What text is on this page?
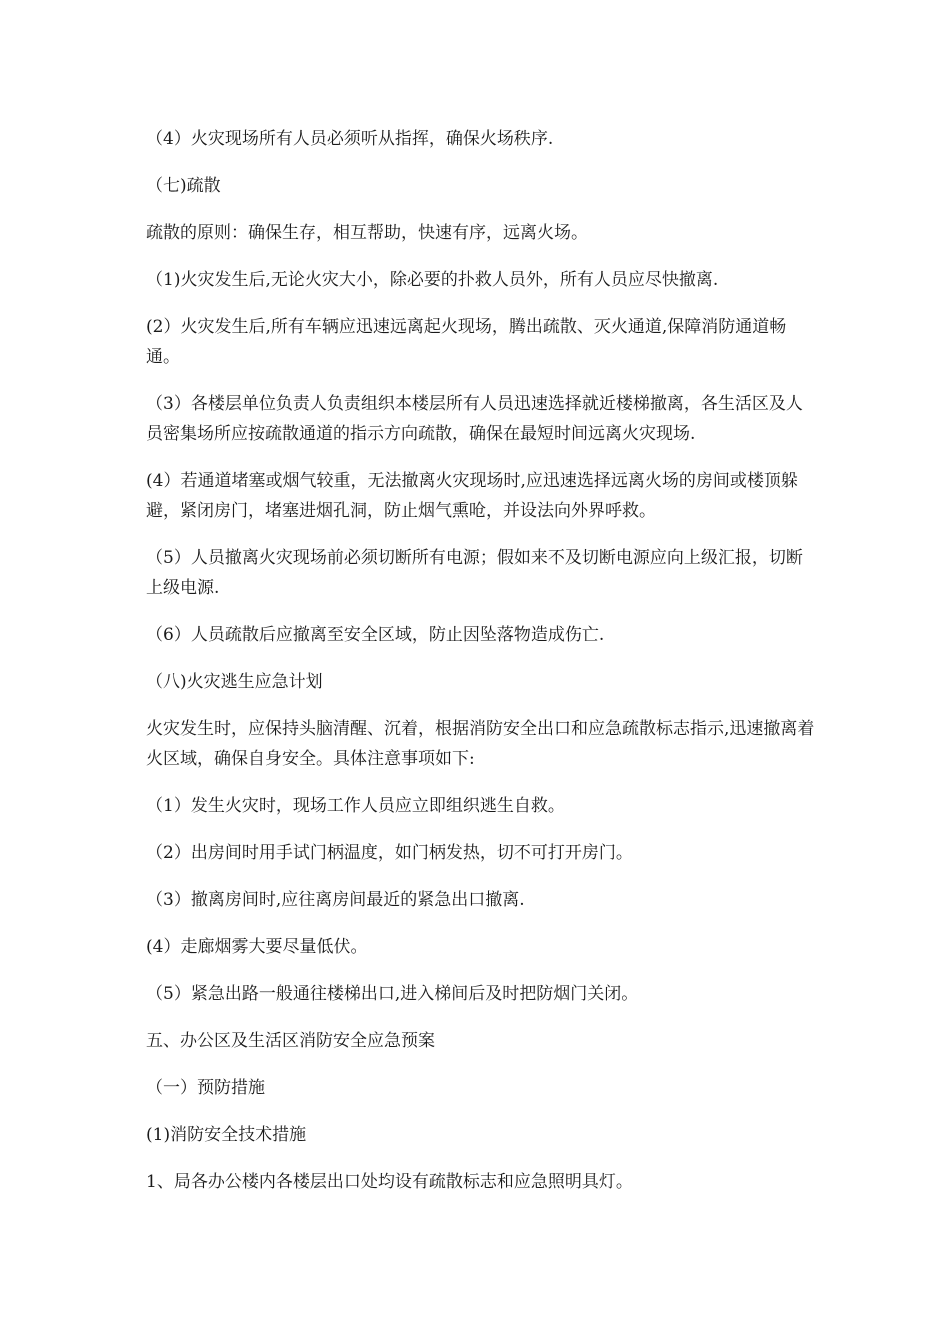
（4）火灾现场所有人员必须听从指挥，确保火场秩序.

（七)疏散

疏散的原则：确保生存，相互帮助，快速有序，远离火场。

（1)火灾发生后,无论火灾大小，除必要的扑救人员外，所有人员应尽快撤离.

(2）火灾发生后,所有车辆应迅速远离起火现场，腾出疏散、灭火通道,保障消防通道畅通。

（3）各楼层单位负责人负责组织本楼层所有人员迅速选择就近楼梯撤离，各生活区及人员密集场所应按疏散通道的指示方向疏散，确保在最短时间远离火灾现场.

(4）若通道堵塞或烟气较重，无法撤离火灾现场时,应迅速选择远离火场的房间或楼顶躲避，紧闭房门，堵塞进烟孔洞，防止烟气熏呛，并设法向外界呼救。

（5）人员撤离火灾现场前必须切断所有电源；假如来不及切断电源应向上级汇报，切断上级电源.

（6）人员疏散后应撤离至安全区域，防止因坠落物造成伤亡.

（八)火灾逃生应急计划

火灾发生时，应保持头脑清醒、沉着，根据消防安全出口和应急疏散标志指示,迅速撤离着火区域，确保自身安全。具体注意事项如下:

（1）发生火灾时，现场工作人员应立即组织逃生自救。

（2）出房间时用手试门柄温度，如门柄发热，切不可打开房门。

（3）撤离房间时,应往离房间最近的紧急出口撤离.

(4）走廊烟雾大要尽量低伏。

（5）紧急出路一般通往楼梯出口,进入梯间后及时把防烟门关闭。

五、办公区及生活区消防安全应急预案

（一）预防措施

(1)消防安全技术措施

1、局各办公楼内各楼层出口处均设有疏散标志和应急照明具灯。
